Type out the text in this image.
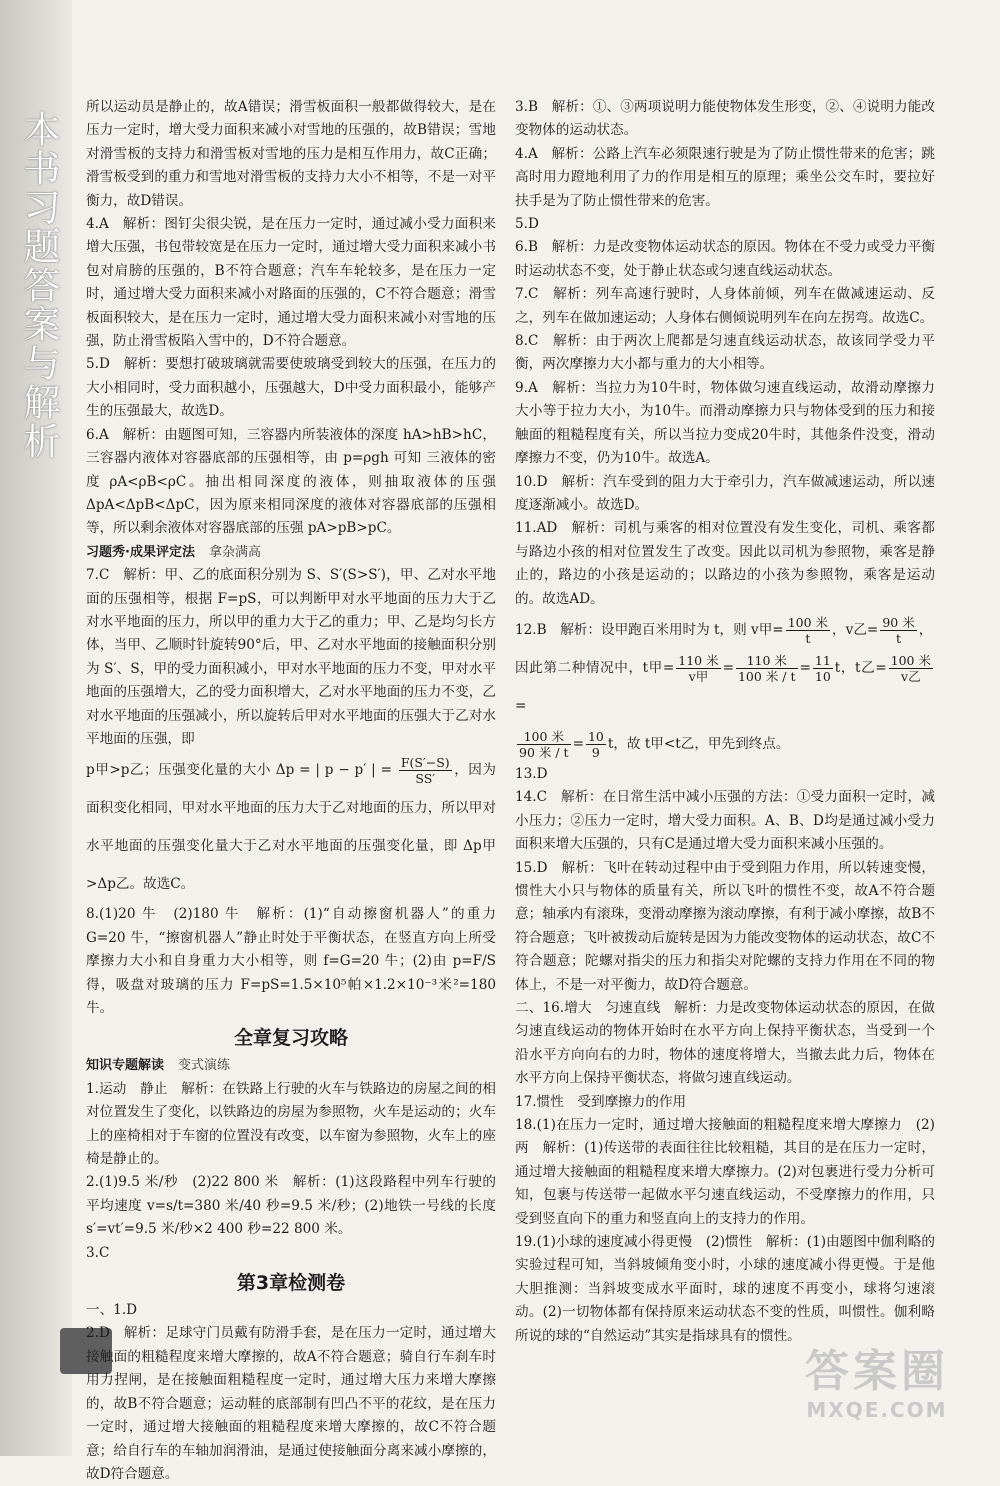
本书习题答案与解析
答案圈
MXQE.COM

所以运动员是静止的，故A错误；滑雪板面积一般都做得较大，是在压力一定时，增大受力面积来减小对雪地的压强的，故B错误；雪地对滑雪板的支持力和滑雪板对雪地的压力是相互作用力，故C正确；滑雪板受到的重力和雪地对滑雪板的支持力大小不相等，不是一对平衡力，故D错误。

4.A　解析：图钉尖很尖锐，是在压力一定时，通过减小受力面积来增大压强，书包带较宽是在压力一定时，通过增大受力面积来减小书包对肩膀的压强的，B不符合题意；汽车车轮较多，是在压力一定时，通过增大受力面积来减小对路面的压强的，C不符合题意；滑雪板面积较大，是在压力一定时，通过增大受力面积来减小对雪地的压强，防止滑雪板陷入雪中的，D不符合题意。

5.D　解析：要想打破玻璃就需要使玻璃受到较大的压强，在压力的大小相同时，受力面积越小，压强越大，D中受力面积最小，能够产生的压强最大，故选D。

6.A　解析：由题图可知，三容器内所装液体的深度 hA>hB>hC，三容器内液体对容器底部的压强相等，由 p=ρgh 可知 三液体的密度 ρA<ρB<ρC。抽出相同深度的液体，则抽取液体的压强 ΔpA<ΔpB<ΔpC，因为原来相同深度的液体对容器底部的压强相等，所以剩余液体对容器底部的压强 pA>pB>pC。

习题秀·成果评定法 拿杂满高

7.C　解析：甲、乙的底面积分别为 S、S′(S>S′)，甲、乙对水平地面的压强相等，根据 F=pS，可以判断甲对水平地面的压力大于乙对水平地面的压力，所以甲的重力大于乙的重力；甲、乙是均匀长方体，当甲、乙顺时针旋转90°后，甲、乙对水平地面的接触面积分别为 S′、S，甲的受力面积减小，甲对水平地面的压力不变，甲对水平地面的压强增大，乙的受力面积增大，乙对水平地面的压力不变，乙对水平地面的压强减小，所以旋转后甲对水平地面的压强大于乙对水平地面的压强，即

p甲>p乙；压强变化量的大小 Δp = | p − p′ | = $\frac{F(S'-S)}{SS'}$ ，因为面积变化相同，甲对水平地面的压力大于乙对地面的压力，所以甲对水平地面的压强变化量大于乙对水平地面的压强变化量，即 Δp甲>Δp乙。故选C。

8.(1)20 牛　(2)180 牛　解析：(1)“自动擦窗机器人”的重力 G=20 牛，“擦窗机器人”静止时处于平衡状态，在竖直方向上所受摩擦力大小和自身重力大小相等，则 f=G=20 牛；(2)由 p=F/S 得，吸盘对玻璃的压力 F=pS=1.5×10⁵帕×1.2×10⁻³米²=180 牛。

全章复习攻略
知识专题解读 变式演练

1.运动　静止　解析：在铁路上行驶的火车与铁路边的房屋之间的相对位置发生了变化，以铁路边的房屋为参照物，火车是运动的；火车上的座椅相对于车窗的位置没有改变，以车窗为参照物，火车上的座椅是静止的。

2.(1)9.5 米/秒　(2)22 800 米　解析：(1)这段路程中列车行驶的平均速度 v=s/t=380 米/40 秒=9.5 米/秒；(2)地铁一号线的长度 s′=vt′=9.5 米/秒×2 400 秒=22 800 米。

3.C

第3章检测卷

一、1.D

2.D　解析：足球守门员戴有防滑手套，是在压力一定时，通过增大接触面的粗糙程度来增大摩擦的，故A不符合题意；骑自行车刹车时用力捏闸，是在接触面粗糙程度一定时，通过增大压力来增大摩擦的，故B不符合题意；运动鞋的底部制有凹凸不平的花纹，是在压力一定时，通过增大接触面的粗糙程度来增大摩擦的，故C不符合题意；给自行车的车轴加润滑油，是通过使接触面分离来减小摩擦的，故D符合题意。

3.B　解析：①、③两项说明力能使物体发生形变，②、④说明力能改变物体的运动状态。

4.A　解析：公路上汽车必须限速行驶是为了防止惯性带来的危害；跳高时用力蹬地利用了力的作用是相互的原理；乘坐公交车时，要拉好扶手是为了防止惯性带来的危害。

5.D

6.B　解析：力是改变物体运动状态的原因。物体在不受力或受力平衡时运动状态不变，处于静止状态或匀速直线运动状态。

7.C　解析：列车高速行驶时，人身体前倾，列车在做减速运动、反之，列车在做加速运动；人身体右侧倾说明列车在向左拐弯。故选C。

8.C　解析：由于两次上爬都是匀速直线运动状态，故该同学受力平衡，两次摩擦力大小都与重力的大小相等。

9.A　解析：当拉力为10牛时，物体做匀速直线运动，故滑动摩擦力大小等于拉力大小，为10牛。而滑动摩擦力只与物体受到的压力和接触面的粗糙程度有关，所以当拉力变成20牛时，其他条件没变，滑动摩擦力不变，仍为10牛。故选A。

10.D　解析：汽车受到的阻力大于牵引力，汽车做减速运动，所以速度逐渐减小。故选D。

11.AD　解析：司机与乘客的相对位置没有发生变化，司机、乘客都与路边小孩的相对位置发生了改变。因此以司机为参照物，乘客是静止的，路边的小孩是运动的；以路边的小孩为参照物，乘客是运动的。故选AD。

12.B　解析：设甲跑百米用时为 t，则 v甲= $\frac{\text{100 米}}{t}$ ，v乙= $\frac{\text{90 米}}{t}$ ，

因此第二种情况中，t甲= $\frac{\text{110 米}}{\text{v甲}} = \frac{\text{110 米}}{\text{100 米 / t}} = \frac{11}{10}$ t，t乙= $\frac{\text{100 米}}{\text{v乙}}$
=

$\frac{\text{100 米}}{\text{90 米 / t}} = \frac{10}{9}$ t，故 t甲<t乙，甲先到终点。

13.D

14.C　解析：在日常生活中减小压强的方法：①受力面积一定时，减小压力；②压力一定时，增大受力面积。A、B、D均是通过减小受力面积来增大压强的，只有C是通过增大受力面积来减小压强的。

15.D　解析：飞叶在转动过程中由于受到阻力作用，所以转速变慢，惯性大小只与物体的质量有关，所以飞叶的惯性不变，故A不符合题意；轴承内有滚珠，变滑动摩擦为滚动摩擦，有利于减小摩擦，故B不符合题意；飞叶被拨动后旋转是因为力能改变物体的运动状态，故C不符合题意；陀螺对指尖的压力和指尖对陀螺的支持力作用在不同的物体上，不是一对平衡力，故D符合题意。

二、16.增大　匀速直线　解析：力是改变物体运动状态的原因，在做匀速直线运动的物体开始时在水平方向上保持平衡状态，当受到一个沿水平方向向右的力时，物体的速度将增大，当撤去此力后，物体在水平方向上保持平衡状态，将做匀速直线运动。

17.惯性　受到摩擦力的作用

18.(1)在压力一定时，通过增大接触面的粗糙程度来增大摩擦力　(2)两　解析：(1)传送带的表面往往比较粗糙，其目的是在压力一定时，通过增大接触面的粗糙程度来增大摩擦力。(2)对包裹进行受力分析可知，包裹与传送带一起做水平匀速直线运动，不受摩擦力的作用，只受到竖直向下的重力和竖直向上的支持力的作用。

19.(1)小球的速度减小得更慢　(2)惯性　解析：(1)由题图中伽利略的实验过程可知，当斜坡倾角变小时，小球的速度减小得更慢。于是他大胆推测：当斜坡变成水平面时，球的速度不再变小，球将匀速滚动。(2)一切物体都有保持原来运动状态不变的性质，叫惯性。伽利略所说的球的“自然运动”其实是指球具有的惯性。
